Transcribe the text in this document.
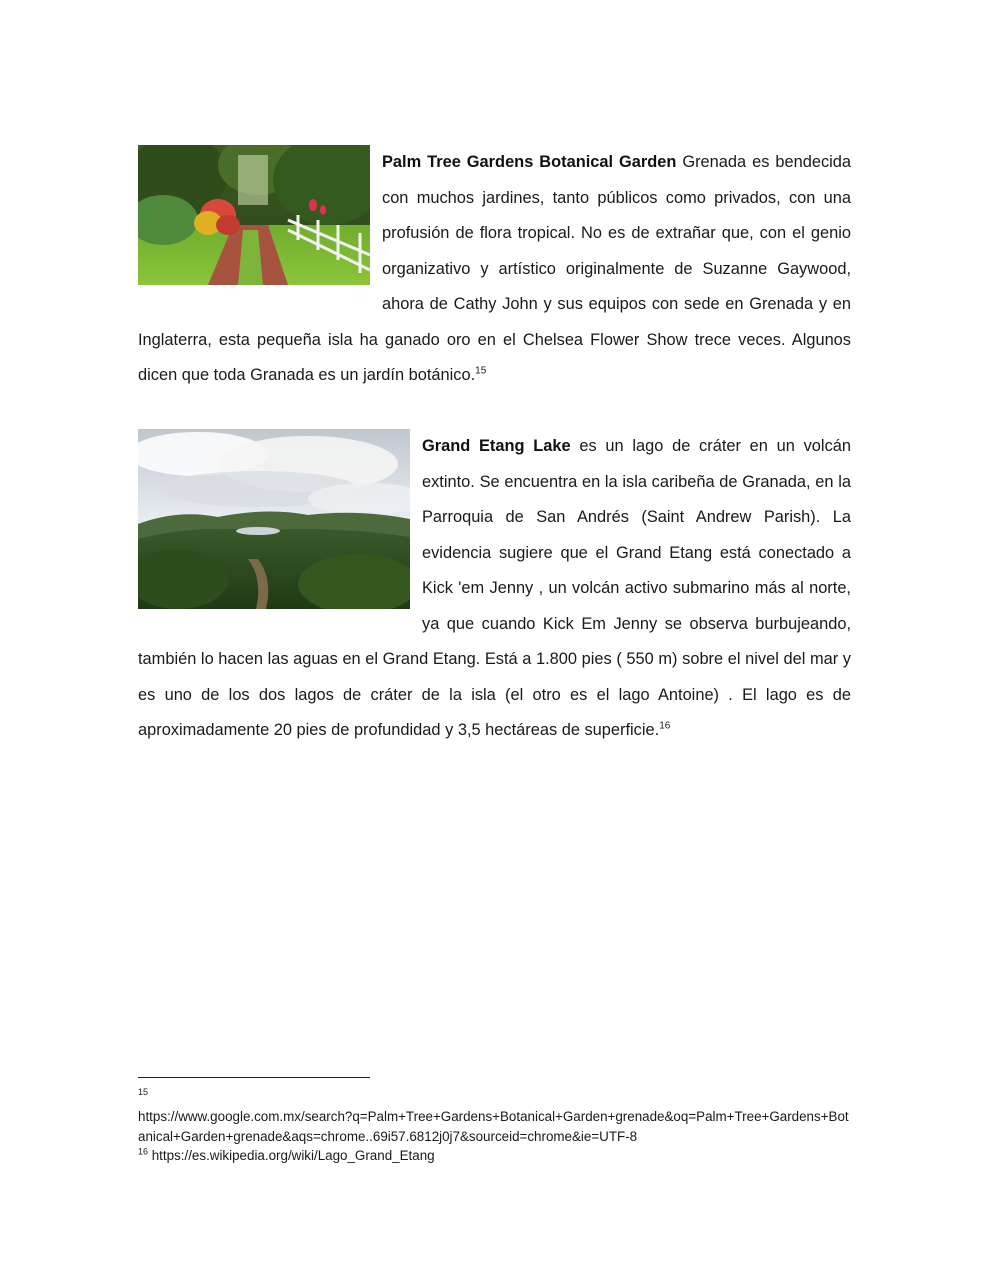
Palm Tree Gardens Botanical Garden Grenada es bendecida con muchos jardines, tanto públicos como privados, con una profusión de flora tropical. No es de extrañar que, con el genio organizativo y artístico originalmente de Suzanne Gaywood, ahora de Cathy John y sus equipos con sede en Grenada y en Inglaterra, esta pequeña isla ha ganado oro en el Chelsea Flower Show trece veces. Algunos dicen que toda Granada es un jardín botánico.$^{15}$

Grand Etang Lake es un lago de cráter en un volcán extinto. Se encuentra en la isla caribeña de Granada, en la Parroquia de San Andrés (Saint Andrew Parish). La evidencia sugiere que el Grand Etang está conectado a Kick 'em Jenny , un volcán activo submarino más al norte, ya que cuando Kick Em Jenny se observa burbujeando, también lo hacen las aguas en el Grand Etang. Está a 1.800 pies ( 550 m) sobre el nivel del mar y es uno de los dos lagos de cráter de la isla (el otro es el lago Antoine) . El lago es de aproximadamente 20 pies de profundidad y 3,5 hectáreas de superficie.$^{16}$

15

https://www.google.com.mx/search?q=Palm+Tree+Gardens+Botanical+Garden+grenade&oq=Palm+Tree+Gardens+Botanical+Garden+grenade&aqs=chrome..69i57.6812j0j7&sourceid=chrome&ie=UTF-8

$^{16}$ https://es.wikipedia.org/wiki/Lago_Grand_Etang
